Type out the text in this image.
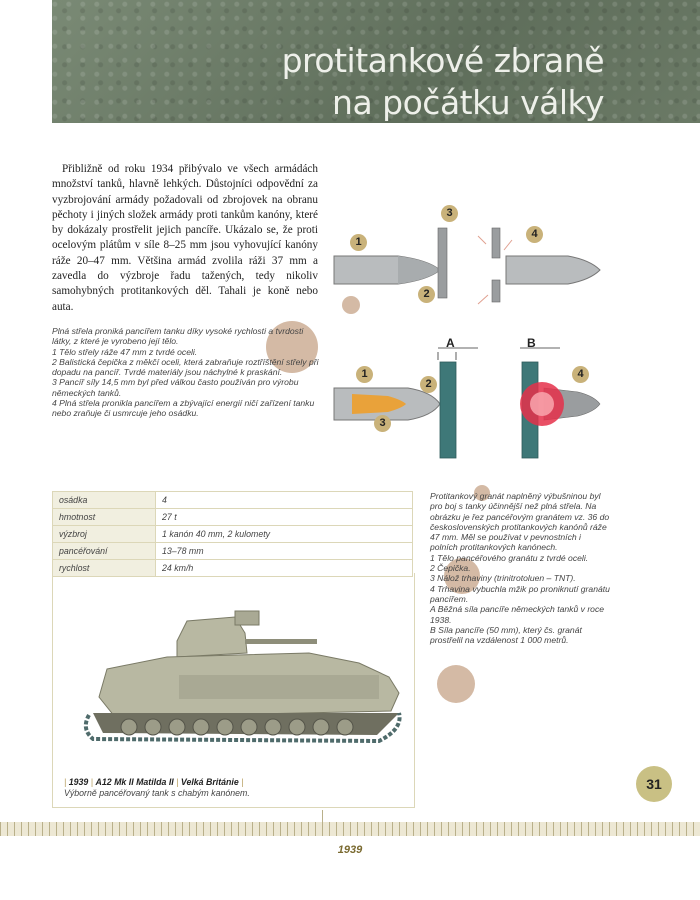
protitankové zbraně
na počátku války

Přibližně od roku 1934 přibývalo ve všech armádách množství tanků, hlavně lehkých. Důstojníci odpovědní za vyzbrojování armády požadovali od zbrojovek na obranu pěchoty i jiných složek armády proti tankům kanóny, které by dokázaly prostřelit jejich pancíře. Ukázalo se, že proti ocelovým plátům v síle 8–25 mm jsou vyhovující kanóny ráže 20–47 mm. Většina armád zvolila ráži 37 mm a zavedla do výzbroje řadu tažených, tedy nikoliv samohybných protitankových děl. Tahali je koně nebo auta.

1
2
3
4
A	B
1
2
3
4

Plná střela proniká pancířem tanku díky vysoké rychlosti a tvrdosti látky, z které je vyrobeno její tělo.

1 Tělo střely ráže 47 mm z tvrdé oceli.

2 Balistická čepička z měkčí oceli, která zabraňuje roztříštění střely při dopadu na pancíř. Tvrdé materiály jsou náchylné k praskání.

3 Pancíř síly 14,5 mm byl před válkou často používán pro výrobu německých tanků.

4 Plná střela pronikla pancířem a zbývající energií ničí zařízení tanku nebo zraňuje či usmrcuje jeho osádku.

Protitankový granát naplněný výbušninou byl pro boj s tanky účinnější než plná střela. Na obrázku je řez pancéřovým granátem vz. 36 do československých protitankových kanónů ráže 47 mm. Měl se používat v pevnostních i polních protitankových kanónech.

1 Tělo pancéřového granátu z tvrdé oceli.

2 Čepička.

3 Nálož trhaviny (trinitrotoluen – TNT).

4 Trhavina vybuchla mžik po proniknutí granátu pancířem.

A Běžná síla pancíře německých tanků v roce 1938.

B Síla pancíře (50 mm), který čs. granát prostřelil na vzdálenost 1 000 metrů.

osádka	4
hmotnost	27 t
výzbroj	1 kanón 40 mm, 2 kulomety
pancéřování	13–78 mm
rychlost	24 km/h
| 1939 | A12 Mk II Matilda II | Velká Británie |
Výborně pancéřovaný tank s chabým kanónem.
31
1939
